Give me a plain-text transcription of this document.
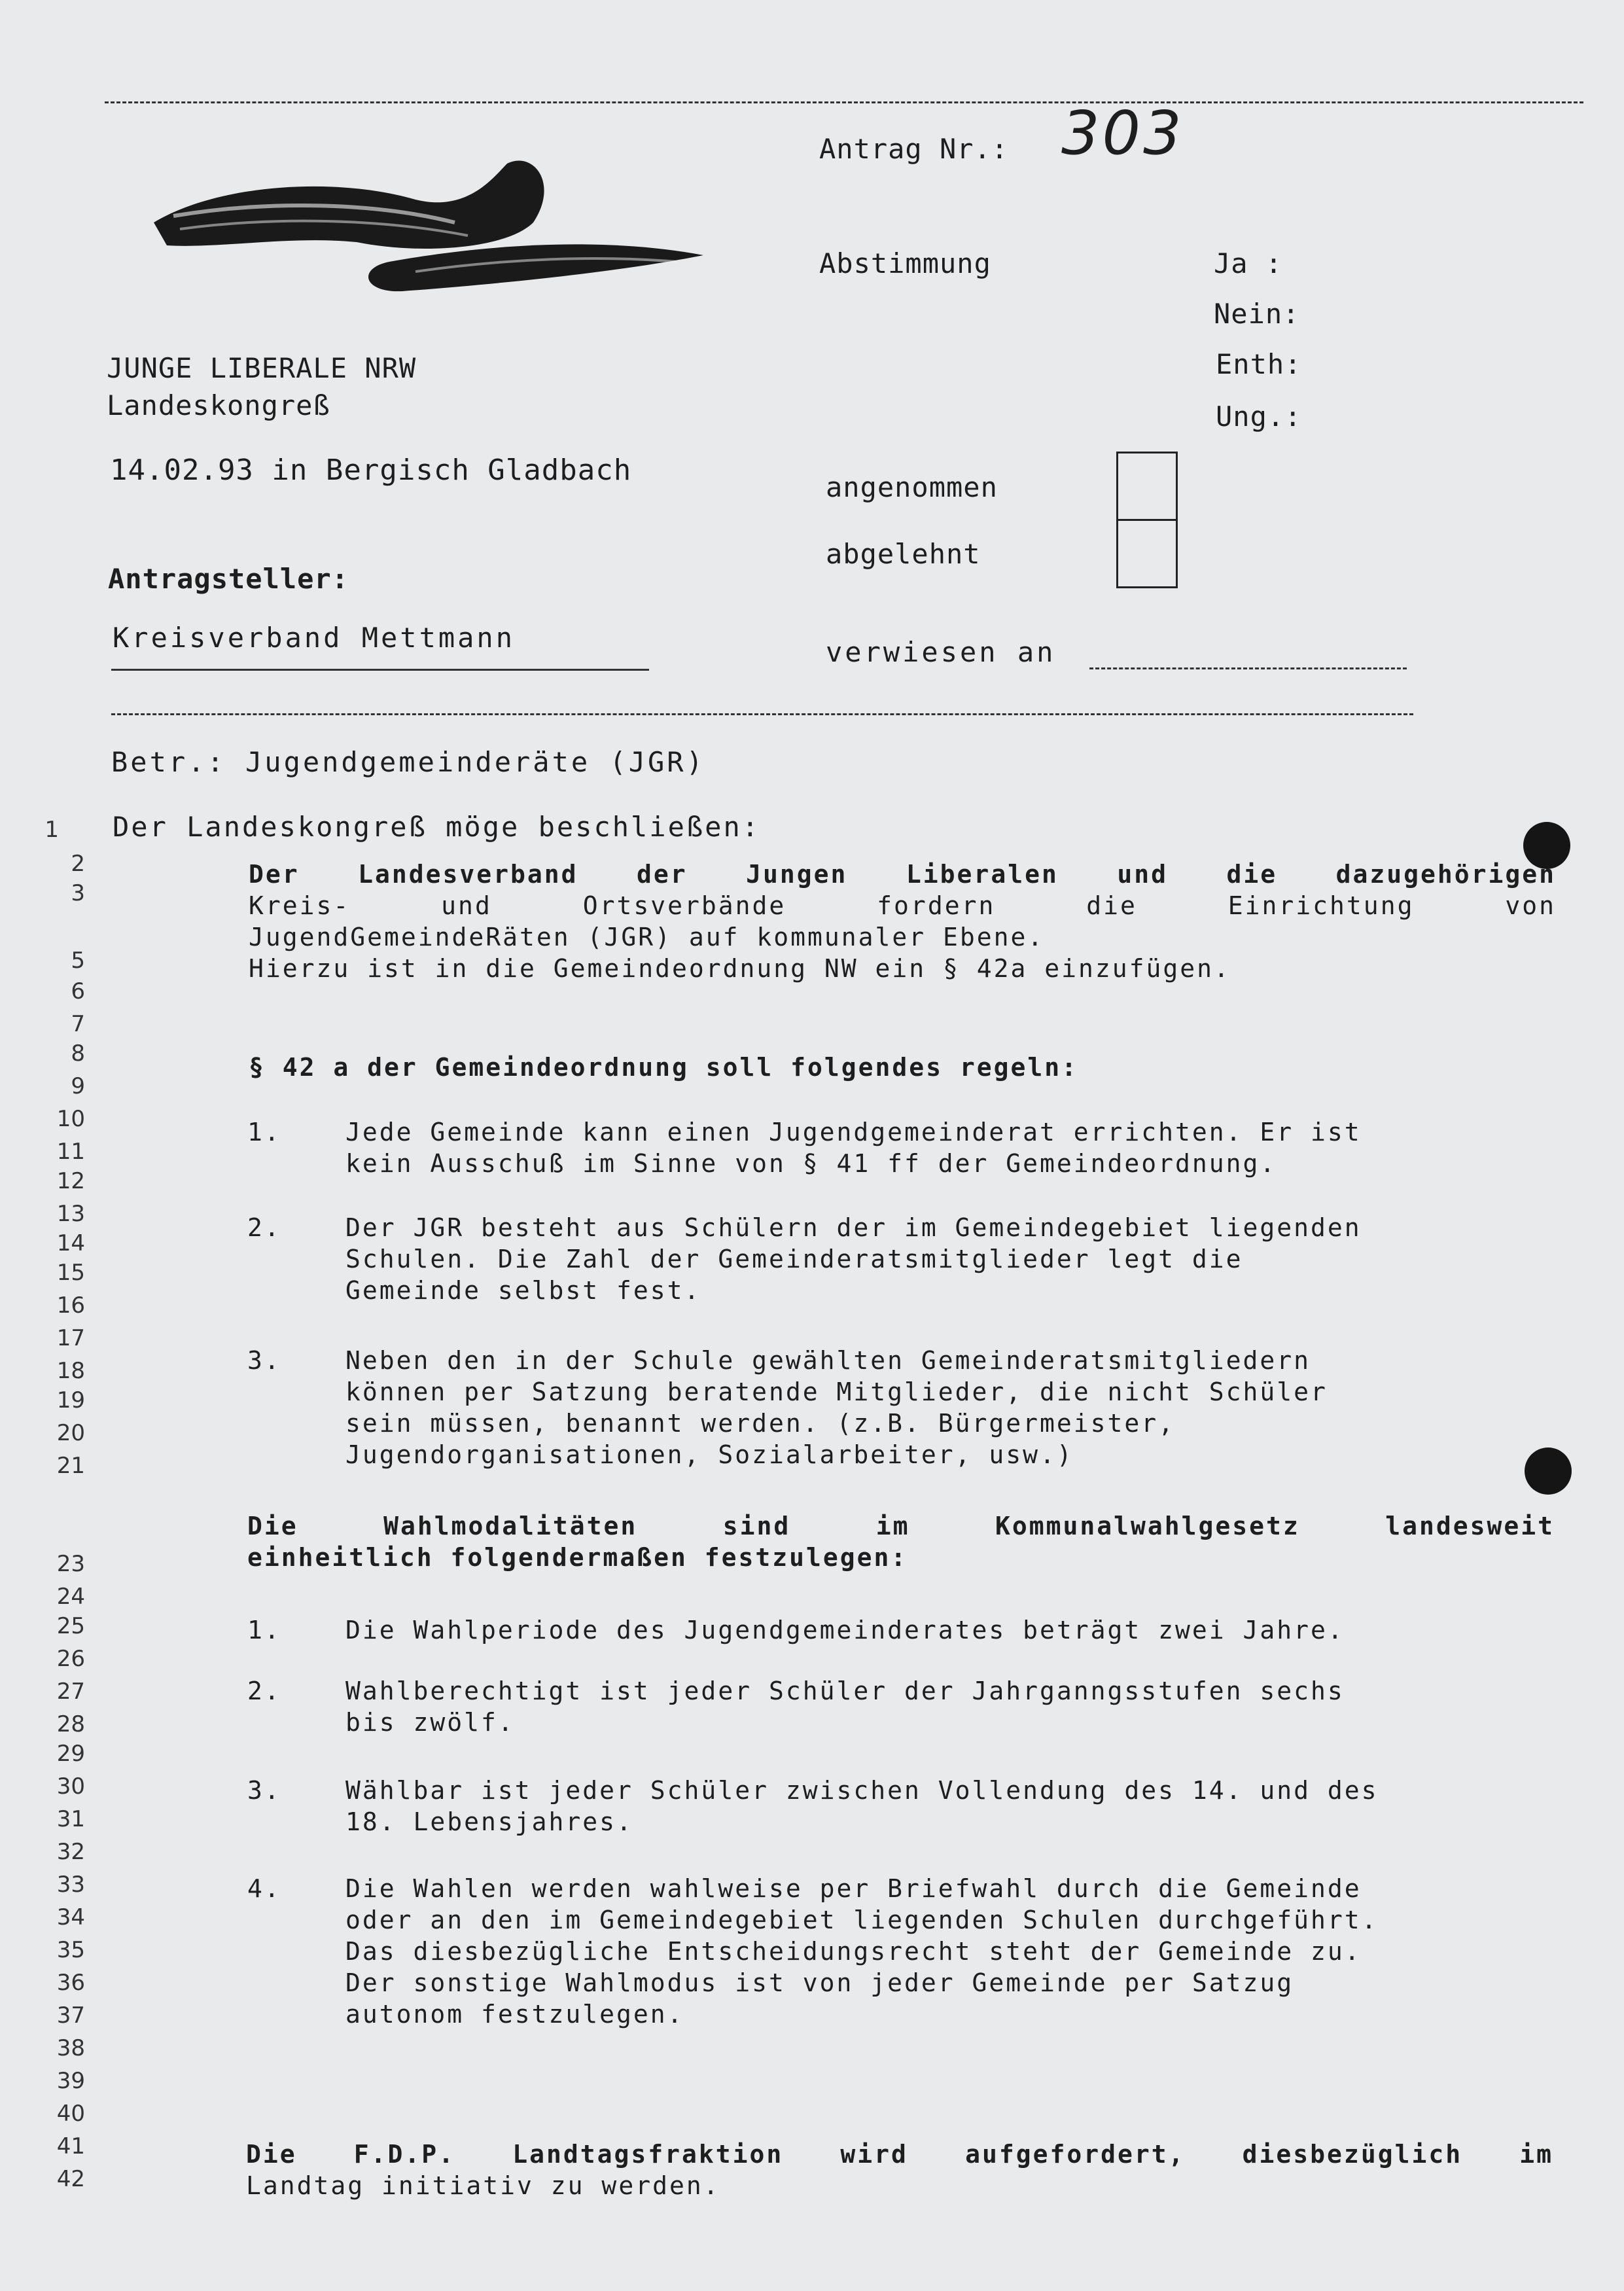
JUNGE LIBERALE NRW
Landeskongreß
14.02.93 in Bergisch Gladbach
Antragsteller:
Kreisverband Mettmann
Antrag Nr.: 303
Abstimmung	Ja :
Nein:
Enth:
Ung.:
angenommen
abgelehnt
verwiesen an
Betr.: Jugendgemeinderäte (JGR)
1
2
3
5
6
7
8
9
10
11
12
13
14
15
16
17
18
19
20
21
23
24
25
26
27
28
29
30
31
32
33
34
35
36
37
38
39
40
41
42
Der Landeskongreß möge beschließen:
Der Landesverband der Jungen Liberalen und die dazugehörigen
Kreis- und Ortsverbände fordern die Einrichtung von
JugendGemeindeRäten (JGR) auf kommunaler Ebene.
Hierzu ist in die Gemeindeordnung NW ein § 42a einzufügen.
§ 42 a der Gemeindeordnung soll folgendes regeln:
1.	Jede Gemeinde kann einen Jugendgemeinderat errichten. Er ist
kein Ausschuß im Sinne von § 41 ff der Gemeindeordnung.
2.	Der JGR besteht aus Schülern der im Gemeindegebiet liegenden
Schulen. Die Zahl der Gemeinderatsmitglieder legt die
Gemeinde selbst fest.
3.	Neben den in der Schule gewählten Gemeinderatsmitgliedern
können per Satzung beratende Mitglieder, die nicht Schüler
sein müssen, benannt werden. (z.B. Bürgermeister,
Jugendorganisationen, Sozialarbeiter, usw.)
Die Wahlmodalitäten sind im Kommunalwahlgesetz landesweit
einheitlich folgendermaßen festzulegen:
1.	Die Wahlperiode des Jugendgemeinderates beträgt zwei Jahre.
2.	Wahlberechtigt ist jeder Schüler der Jahrganngsstufen sechs
bis zwölf.
3.	Wählbar ist jeder Schüler zwischen Vollendung des 14. und des
18. Lebensjahres.
4.	Die Wahlen werden wahlweise per Briefwahl durch die Gemeinde
oder an den im Gemeindegebiet liegenden Schulen durchgeführt.
Das diesbezügliche Entscheidungsrecht steht der Gemeinde zu.
Der sonstige Wahlmodus ist von jeder Gemeinde per Satzug
autonom festzulegen.
Die F.D.P. Landtagsfraktion wird aufgefordert, diesbezüglich im
Landtag initiativ zu werden.
